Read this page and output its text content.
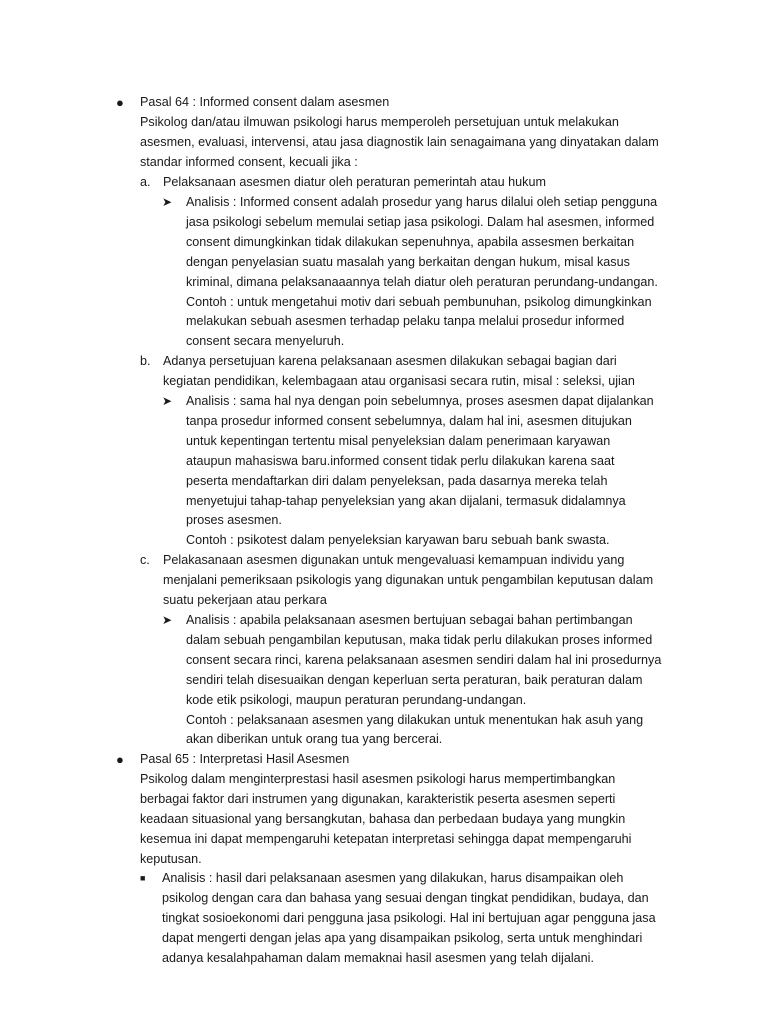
● Pasal 64 : Informed consent dalam asesmen
Psikolog dan/atau ilmuwan psikologi harus memperoleh persetujuan untuk melakukan
asesmen, evaluasi, intervensi, atau jasa diagnostik lain senagaimana yang dinyatakan dalam
standar informed consent, kecuali jika :
a. Pelaksanaan asesmen diatur oleh peraturan pemerintah atau hukum
➤ Analisis : Informed consent adalah prosedur yang harus dilalui oleh setiap pengguna
jasa psikologi sebelum memulai setiap jasa psikologi. Dalam hal asesmen, informed
consent dimungkinkan tidak dilakukan sepenuhnya, apabila assesmen berkaitan
dengan penyelasian suatu masalah yang berkaitan dengan hukum, misal kasus
kriminal, dimana pelaksanaaannya telah diatur oleh peraturan perundang-undangan.
Contoh : untuk mengetahui motiv dari sebuah pembunuhan, psikolog dimungkinkan
melakukan sebuah asesmen terhadap pelaku tanpa melalui prosedur informed
consent secara menyeluruh.
b. Adanya persetujuan karena pelaksanaan asesmen dilakukan sebagai bagian dari
kegiatan pendidikan, kelembagaan atau organisasi secara rutin, misal : seleksi, ujian
➤ Analisis : sama hal nya dengan poin sebelumnya, proses asesmen dapat dijalankan
tanpa prosedur informed consent sebelumnya, dalam hal ini, asesmen ditujukan
untuk kepentingan tertentu misal penyeleksian dalam penerimaan karyawan
ataupun mahasiswa baru.informed consent tidak perlu dilakukan karena saat
peserta mendaftarkan diri dalam penyeleksan, pada dasarnya mereka telah
menyetujui tahap-tahap penyeleksian yang akan dijalani, termasuk didalamnya
proses asesmen.
Contoh : psikotest dalam penyeleksian karyawan baru sebuah bank swasta.
c. Pelakasanaan asesmen digunakan untuk mengevaluasi kemampuan individu yang
menjalani pemeriksaan psikologis yang digunakan untuk pengambilan keputusan dalam
suatu pekerjaan atau perkara
➤ Analisis : apabila pelaksanaan asesmen bertujuan sebagai bahan pertimbangan
dalam sebuah pengambilan keputusan, maka tidak perlu dilakukan proses informed
consent secara rinci, karena pelaksanaan asesmen sendiri dalam hal ini prosedurnya
sendiri telah disesuaikan dengan keperluan serta peraturan, baik peraturan dalam
kode etik psikologi, maupun peraturan perundang-undangan.
Contoh : pelaksanaan asesmen yang dilakukan untuk menentukan hak asuh yang
akan diberikan untuk orang tua yang bercerai.
● Pasal 65 : Interpretasi Hasil Asesmen
Psikolog dalam menginterprestasi hasil asesmen psikologi harus mempertimbangkan
berbagai faktor dari instrumen yang digunakan, karakteristik peserta asesmen seperti
keadaan situasional yang bersangkutan, bahasa dan perbedaan budaya yang mungkin
kesemua ini dapat mempengaruhi ketepatan interpretasi sehingga dapat mempengaruhi
keputusan.
■ Analisis : hasil dari pelaksanaan asesmen yang dilakukan, harus disampaikan oleh
psikolog dengan cara dan bahasa yang sesuai dengan tingkat pendidikan, budaya, dan
tingkat sosioekonomi dari pengguna jasa psikologi. Hal ini bertujuan agar pengguna jasa
dapat mengerti dengan jelas apa yang disampaikan psikolog, serta untuk menghindari
adanya kesalahpahaman dalam memaknai hasil asesmen yang telah dijalani.
